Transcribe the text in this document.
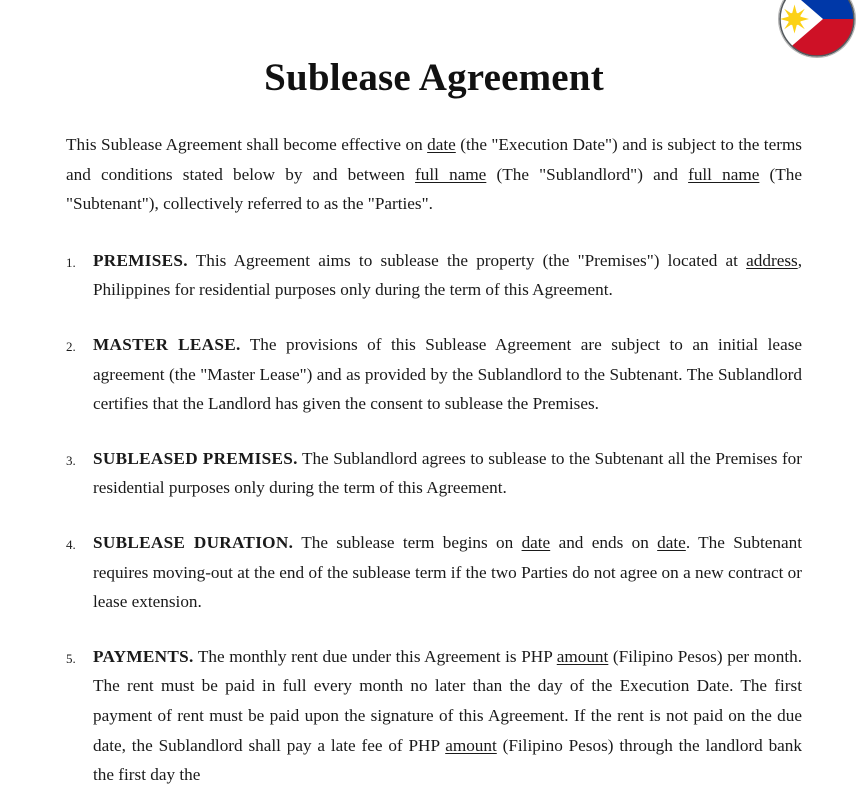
Sublease Agreement

This Sublease Agreement shall become effective on date (the "Execution Date") and is subject to the terms and conditions stated below by and between full name (The "Sublandlord") and full name (The "Subtenant"), collectively referred to as the "Parties".

PREMISES. This Agreement aims to sublease the property (the "Premises") located at address, Philippines for residential purposes only during the term of this Agreement.
MASTER LEASE. The provisions of this Sublease Agreement are subject to an initial lease agreement (the "Master Lease") and as provided by the Sublandlord to the Subtenant. The Sublandlord certifies that the Landlord has given the consent to sublease the Premises.
SUBLEASED PREMISES. The Sublandlord agrees to sublease to the Subtenant all the Premises for residential purposes only during the term of this Agreement.
SUBLEASE DURATION. The sublease term begins on date and ends on date. The Subtenant requires moving-out at the end of the sublease term if the two Parties do not agree on a new contract or lease extension.
PAYMENTS. The monthly rent due under this Agreement is PHP amount (Filipino Pesos) per month. The rent must be paid in full every month no later than the day of the Execution Date. The first payment of rent must be paid upon the signature of this Agreement. If the rent is not paid on the due date, the Sublandlord shall pay a late fee of PHP amount (Filipino Pesos) through the landlord bank the first day the
